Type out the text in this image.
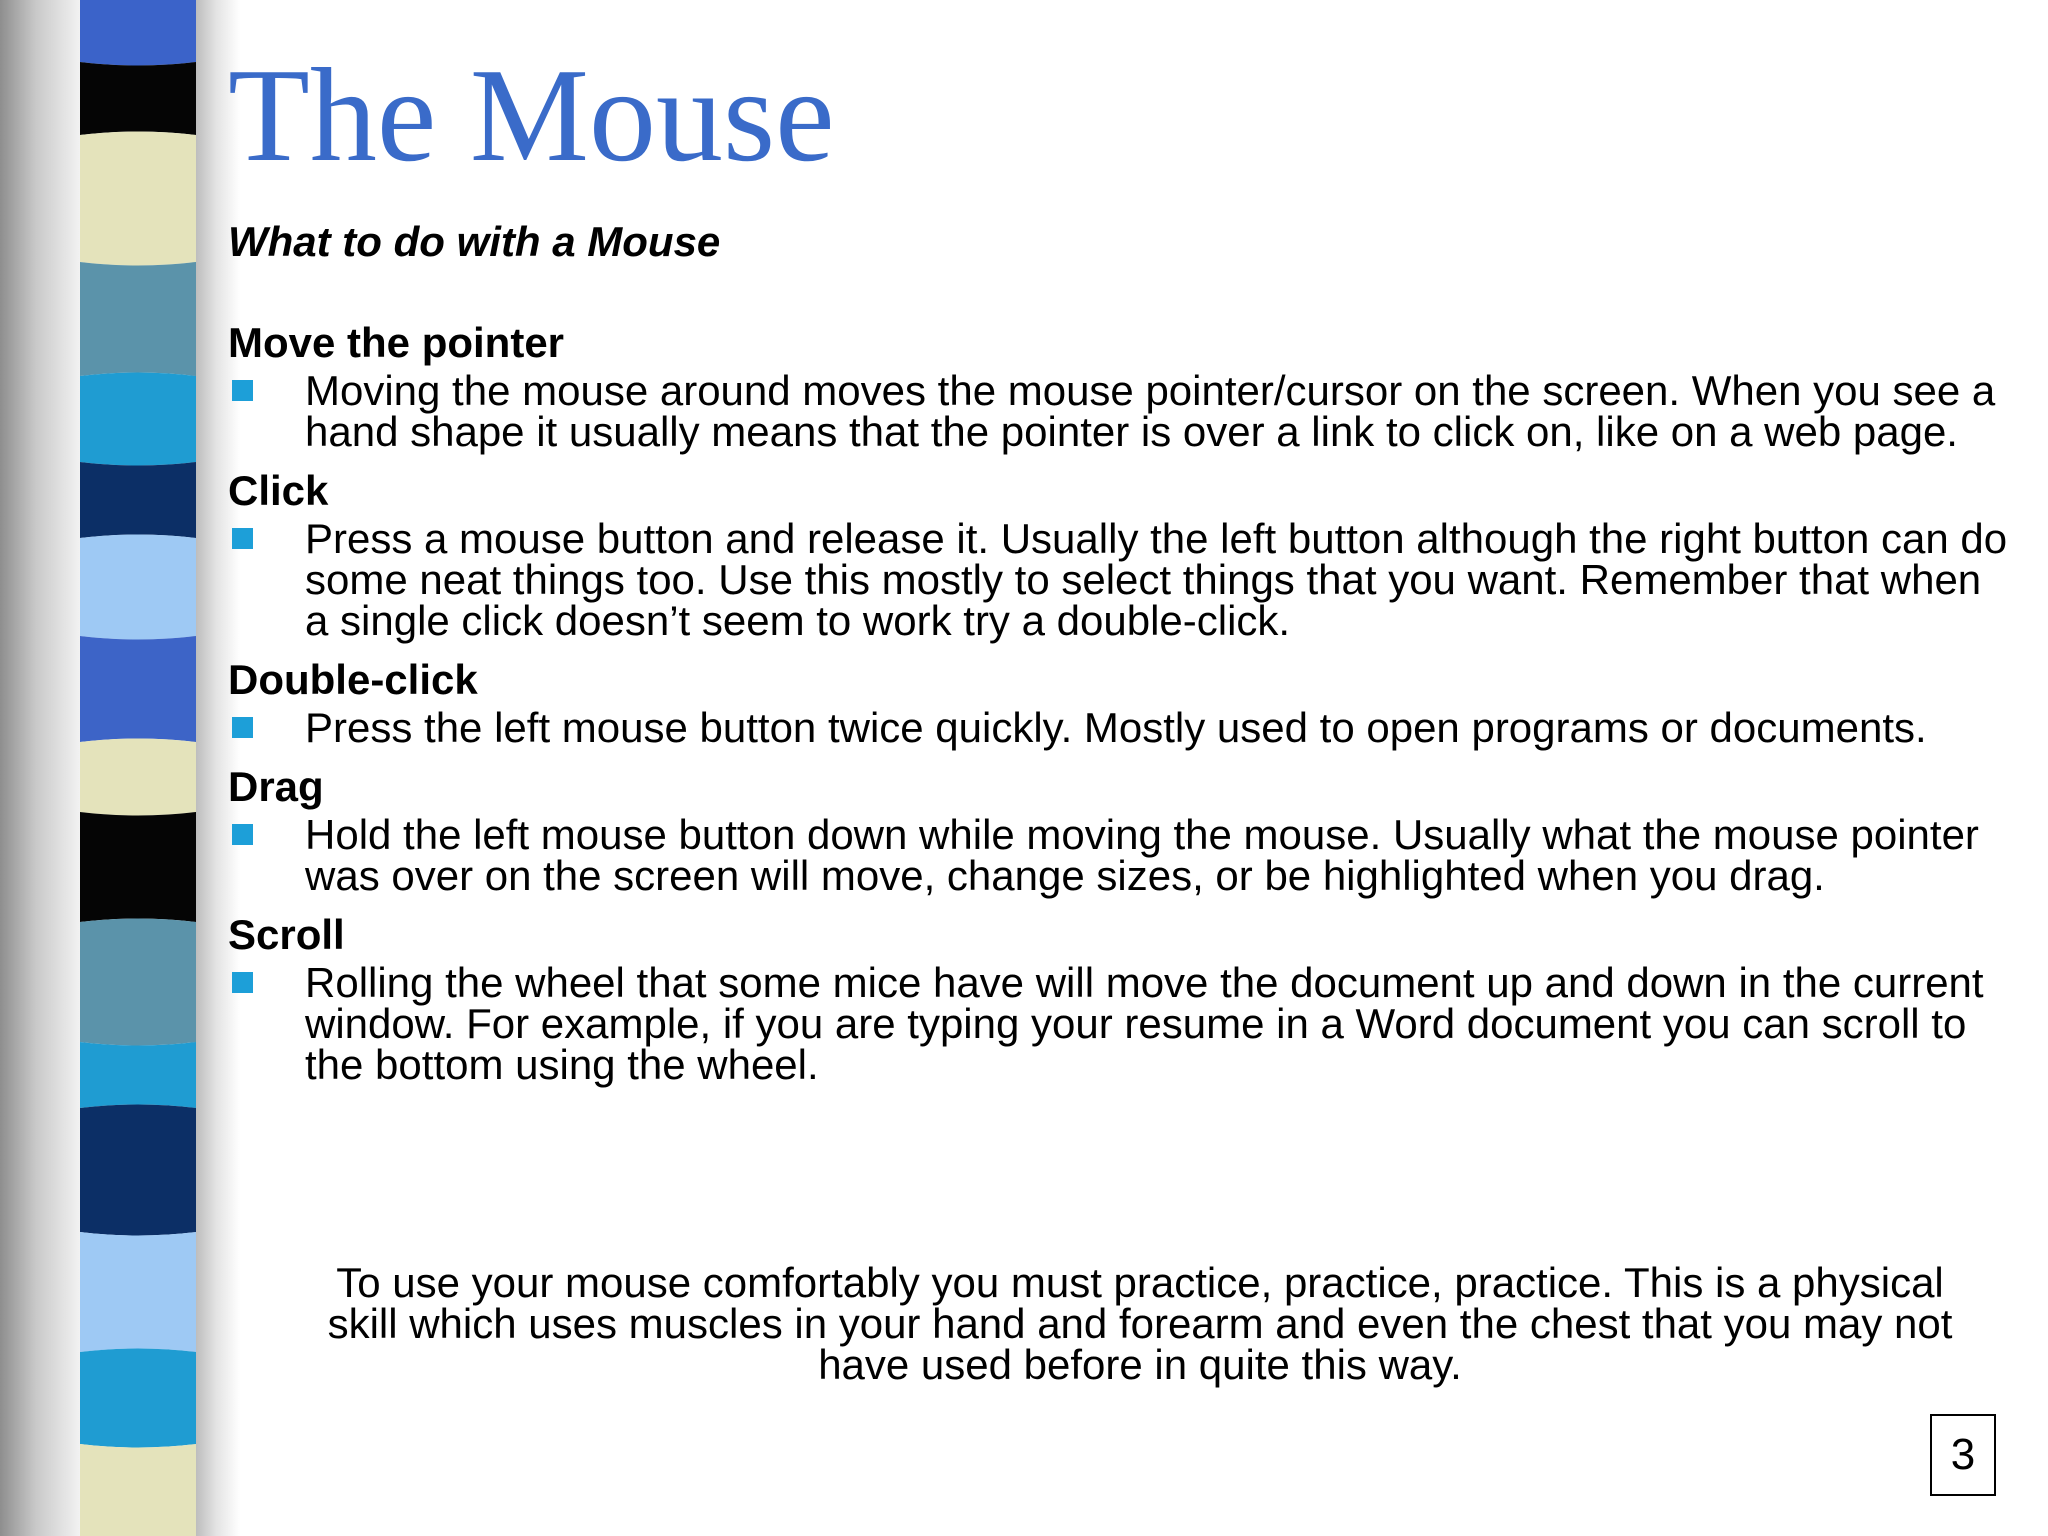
The Mouse

What to do with a Mouse

Move the pointer

Moving the mouse around moves the mouse pointer/cursor on the screen. When you see a hand shape it usually means that the pointer is over a link to click on, like on a web page.

Click

Press a mouse button and release it. Usually the left button although the right button can do some neat things too. Use this mostly to select things that you want. Remember that when a single click doesn’t seem to work try a double-click.

Double-click

Press the left mouse button twice quickly. Mostly used to open programs or documents.

Drag

Hold the left mouse button down while moving the mouse. Usually what the mouse pointer was over on the screen will move, change sizes, or be highlighted when you drag.

Scroll

Rolling the wheel that some mice have will move the document up and down in the current window. For example, if you are typing your resume in a Word document you can scroll to the bottom using the wheel.

To use your mouse comfortably you must practice, practice, practice. This is a physical skill which uses muscles in your hand and forearm and even the chest that you may not have used before in quite this way.

3
